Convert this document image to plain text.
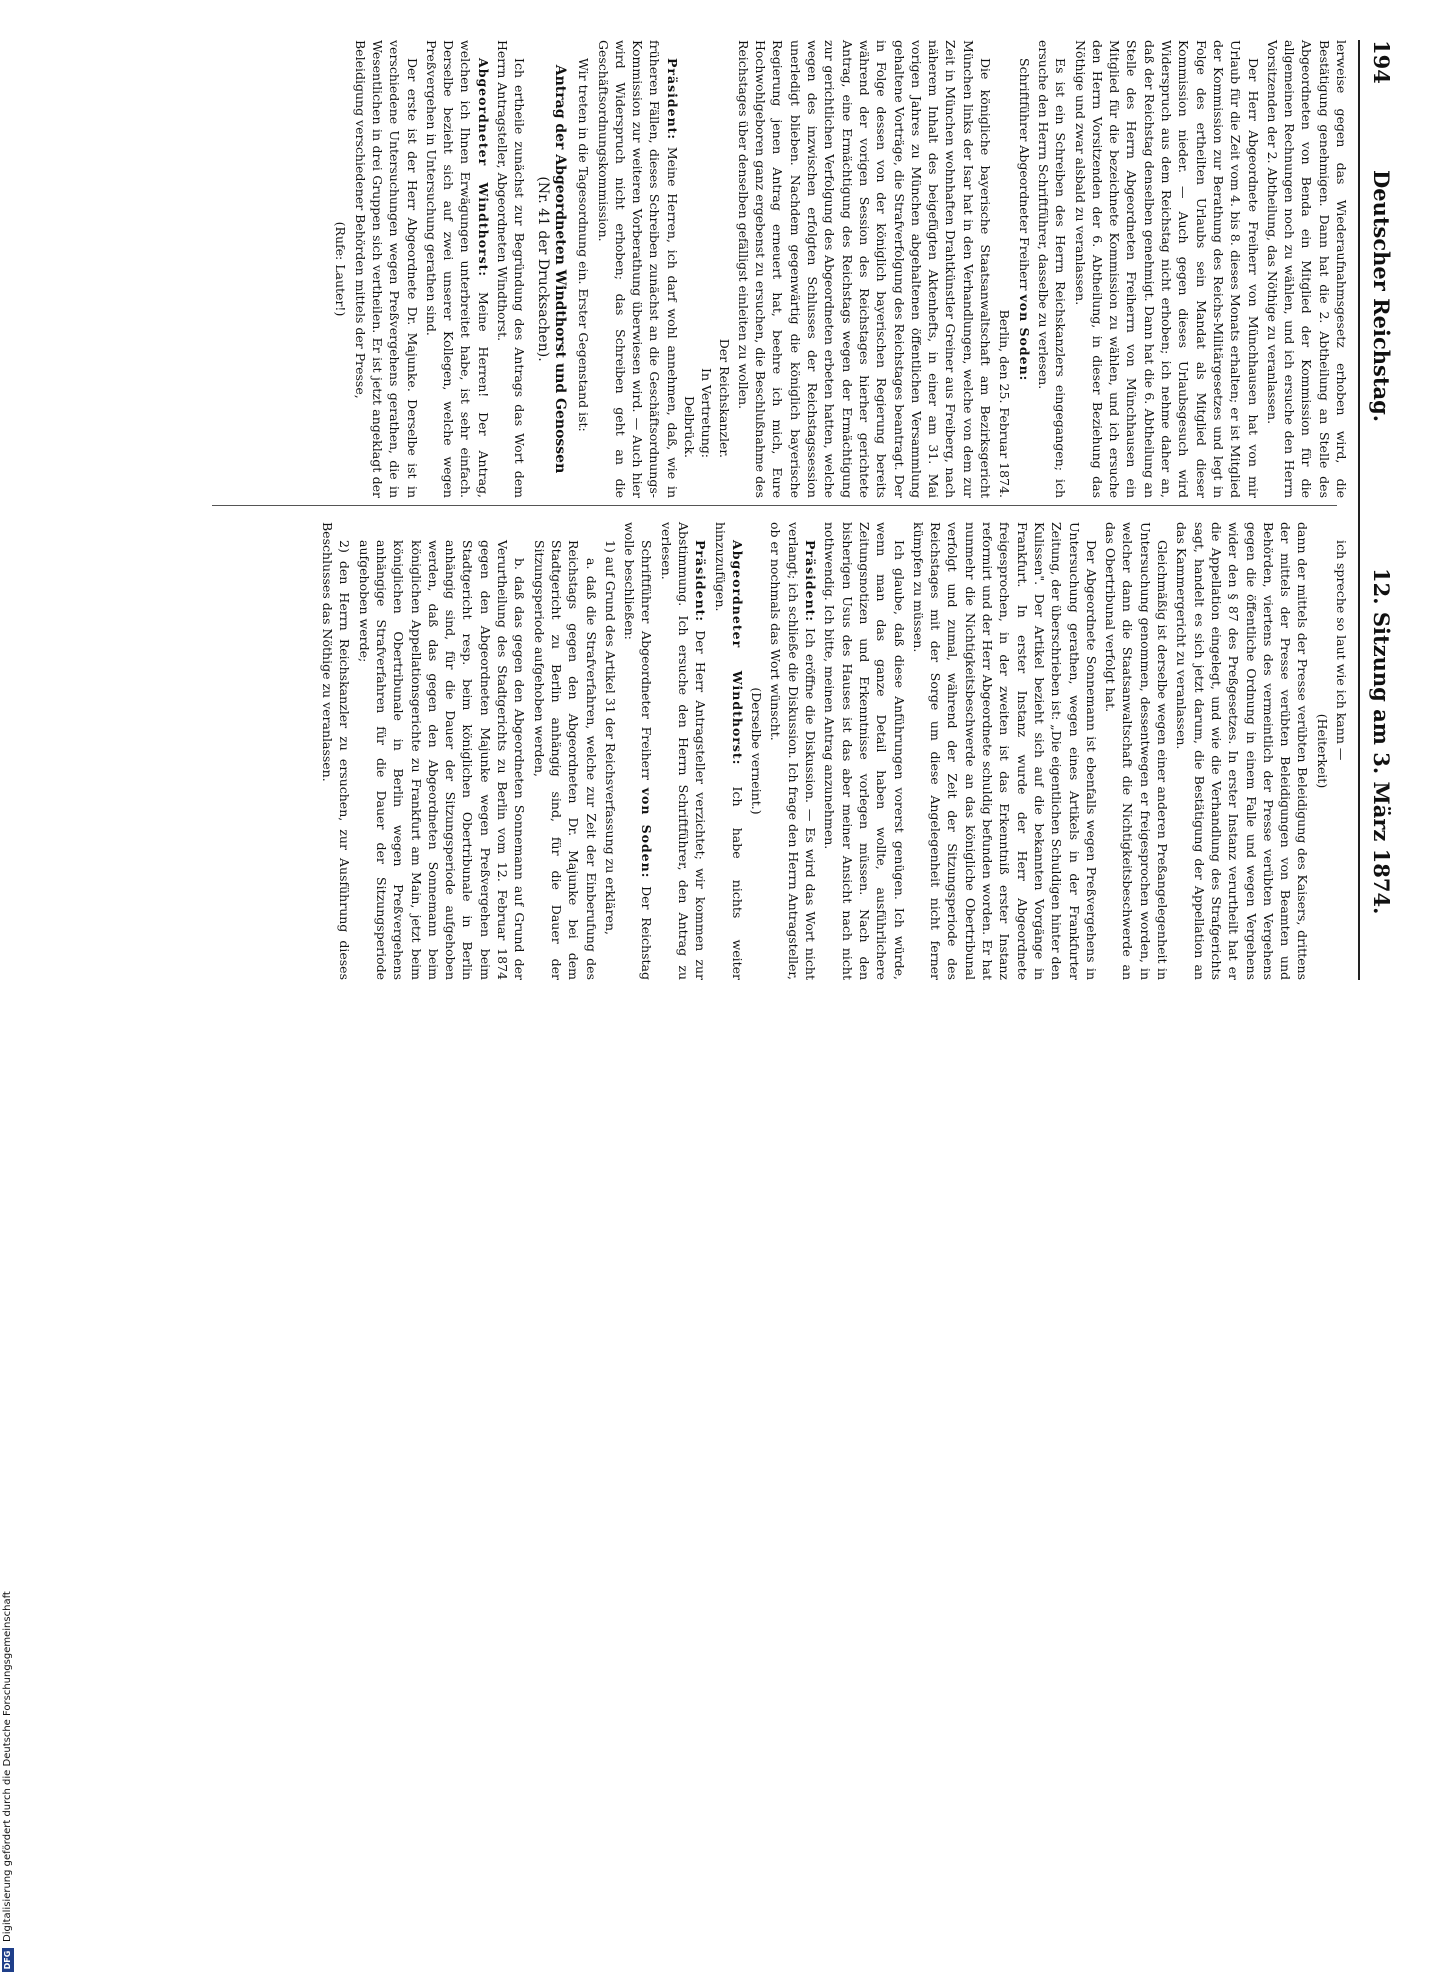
194
Deutscher Reichstag.
12. Sitzung am 3. März 1874.

lerweise gegen das Wiederaufnahmsgesetz erhoben wird, die Bestätigung genehmigen. Dann hat die 2. Abtheilung an Stelle des Abgeordneten von Benda ein Mitglied der Kommission für die allgemeinen Rechnungen noch zu wählen, und ich ersuche den Herrn Vorsitzenden der 2. Abtheilung, das Nöthige zu veranlassen.

Der Herr Abgeordnete Freiherr von Münchhausen hat von mir Urlaub für die Zeit vom 4. bis 8. dieses Monats erhalten; er ist Mitglied der Kommission zur Berathung des Reichs-Militärgesetzes und legt in Folge des ertheilten Urlaubs sein Mandat als Mitglied dieser Kommission nieder. — Auch gegen dieses Urlaubsgesuch wird Widerspruch aus dem Reichstag nicht erhoben; ich nehme daher an, daß der Reichstag denselben genehmigt. Dann hat die 6. Abtheilung an Stelle des Herrn Abgeordneten Freiherrn von Münchhausen ein Mitglied für die bezeichnete Kommission zu wählen, und ich ersuche den Herrn Vorsitzenden der 6. Abtheilung, in dieser Beziehung das Nöthige und zwar alsbald zu veranlassen.

Es ist ein Schreiben des Herrn Reichskanzlers eingegangen; ich ersuche den Herrn Schriftführer, dasselbe zu verlesen.

Schriftführer Abgeordneter Freiherr von Soden:

Berlin, den 25. Februar 1874.

Die königliche bayerische Staatsanwaltschaft am Bezirksgericht München links der Isar hat in den Verhandlungen, welche von dem zur Zeit in München wohnhaften Drahtkünstler Greiner aus Freiberg, nach näherem Inhalt des beigefügten Aktenhefts, in einer am 31. Mai vorigen Jahres zu München abgehaltenen öffentlichen Versammlung gehaltene Vorträge, die Strafverfolgung des Reichstages beantragt. Der in Folge dessen von der königlich bayerischen Regierung bereits während der vorigen Session des Reichstages hierher gerichtete Antrag, eine Ermächtigung des Reichstags wegen der Ermächtigung zur gerichtlichen Verfolgung des Abgeordneten erbeten hatten, welche wegen des inzwischen erfolgten Schlusses der Reichstagssession unerledigt blieben. Nachdem gegenwärtig die königlich bayerische Regierung jenen Antrag erneuert hat, beehre ich mich, Eure Hochwohlgeboren ganz ergebenst zu ersuchen, die Beschlußnahme des Reichstages über denselben gefälligst einleiten zu wollen.

Der Reichskanzler.

In Vertretung:

Delbrück.

Präsident: Meine Herren, ich darf wohl annehmen, daß, wie in früheren Fällen, dieses Schreiben zunächst an die Geschäftsordnungs-Kommission zur weiteren Vorberathung überwiesen wird. — Auch hier wird Widerspruch nicht erhoben; das Schreiben geht an die Geschäftsordnungskommission.

Wir treten in die Tagesordnung ein. Erster Gegenstand ist:

Antrag der Abgeordneten Windthorst und Genossen
(Nr. 41 der Drucksachen).

Ich ertheile zunächst zur Begründung des Antrags das Wort dem Herrn Antragsteller, Abgeordneten Windthorst.

Abgeordneter Windthorst: Meine Herren! Der Antrag, welchen ich Ihnen Erwägungen unterbreitet habe, ist sehr einfach. Derselbe bezieht sich auf zwei unserer Kollegen, welche wegen Preßvergehen in Untersuchung gerathen sind.

Der erste ist der Herr Abgeordnete Dr. Majunke. Derselbe ist in verschiedene Untersuchungen wegen Preßvergehens gerathen, die in Wesentlichen in drei Gruppen sich vertheilen. Er ist jetzt angeklagt der Beleidigung verschiedener Behörden mittels der Presse,

(Rufe: Lauter!)

ich spreche so laut wie ich kann —

(Heiterkeit)

dann der mittels der Presse verübten Beleidigung des Kaisers, drittens der mittels der Presse verübten Beleidigungen von Beamten und Behörden, viertens des vermeintlich der Presse verübten Vergehens gegen die öffentliche Ordnung in einem Falle und wegen Vergehens wider den § 87 des Preßgesetzes. In erster Instanz verurtheilt hat er die Appellation eingelegt, und wie die Verhandlung des Strafgerichts sagt, handelt es sich jetzt darum, die Bestätigung der Appellation an das Kammergericht zu veranlassen.

Gleichmäßig ist derselbe wegen einer anderen Preßangelegenheit in Untersuchung genommen, dessentwegen er freigesprochen worden, in welcher dann die Staatsanwaltschaft die Nichtigkeitsbeschwerde an das Obertribunal verfolgt hat.

Der Abgeordnete Sonnemann ist ebenfalls wegen Preßvergehens in Untersuchung gerathen, wegen eines Artikels in der Frankfurter Zeitung, der überschrieben ist: „Die eigentlichen Schuldigen hinter den Kulissen". Der Artikel bezieht sich auf die bekannten Vorgänge in Frankfurt. In erster Instanz wurde der Herr Abgeordnete freigesprochen, in der zweiten ist das Erkenntniß erster Instanz reformirt und der Herr Abgeordnete schuldig befunden worden. Er hat nunmehr die Nichtigkeitsbeschwerde an das königliche Obertribunal verfolgt und zumal, während der Zeit der Sitzungsperiode des Reichstages mit der Sorge um diese Angelegenheit nicht ferner kümpfen zu müssen.

Ich glaube, daß diese Anführungen vorerst genügen. Ich würde, wenn man das ganze Detail haben wollte, ausführlichere Zeitungsnotizen und Erkenntnisse vorlegen müssen. Nach den bisherigen Usus des Hauses ist das aber meiner Ansicht nach nicht nothwendig. Ich bitte, meinen Antrag anzunehmen.

Präsident: Ich eröffne die Diskussion. — Es wird das Wort nicht verlangt; ich schließe die Diskussion. Ich frage den Herrn Antragsteller, ob er nochmals das Wort wünscht.

(Derselbe verneint.)

Abgeordneter Windthorst: Ich habe nichts weiter hinzuzufügen.

Präsident: Der Herr Antragsteller verzichtet; wir kommen zur Abstimmung. Ich ersuche den Herrn Schriftführer, den Antrag zu verlesen.

Schriftführer Abgeordneter Freiherr von Soden: Der Reichstag wolle beschließen:

1) auf Grund des Artikel 31 der Reichsverfassung zu erklären,

a. daß die Strafverfahren, welche zur Zeit der Einberufung des Reichstags gegen den Abgeordneten Dr. Majunke bei dem Stadtgericht zu Berlin anhängig sind, für die Dauer der Sitzungsperiode aufgehoben werden,

b. daß das gegen den Abgeordneten Sonnemann auf Grund der Verurtheilung des Stadtgerichts zu Berlin vom 12. Februar 1874 gegen den Abgeordneten Majunke wegen Preßvergehen beim Stadtgericht resp. beim königlichen Obertribunale in Berlin anhängig sind, für die Dauer der Sitzungsperiode aufgehoben werden, daß das gegen den Abgeordneten Sonnemann beim königlichen Appellationsgerichte zu Frankfurt am Main, jetzt beim königlichen Obertribunale in Berlin wegen Preßvergehens anhängige Strafverfahren für die Dauer der Sitzungsperiode aufgehoben werde;

2) den Herrn Reichskanzler zu ersuchen, zur Ausführung dieses Beschlusses das Nöthige zu veranlassen.

DFG
Digitalisierung gefördert durch die Deutsche Forschungsgemeinschaft
